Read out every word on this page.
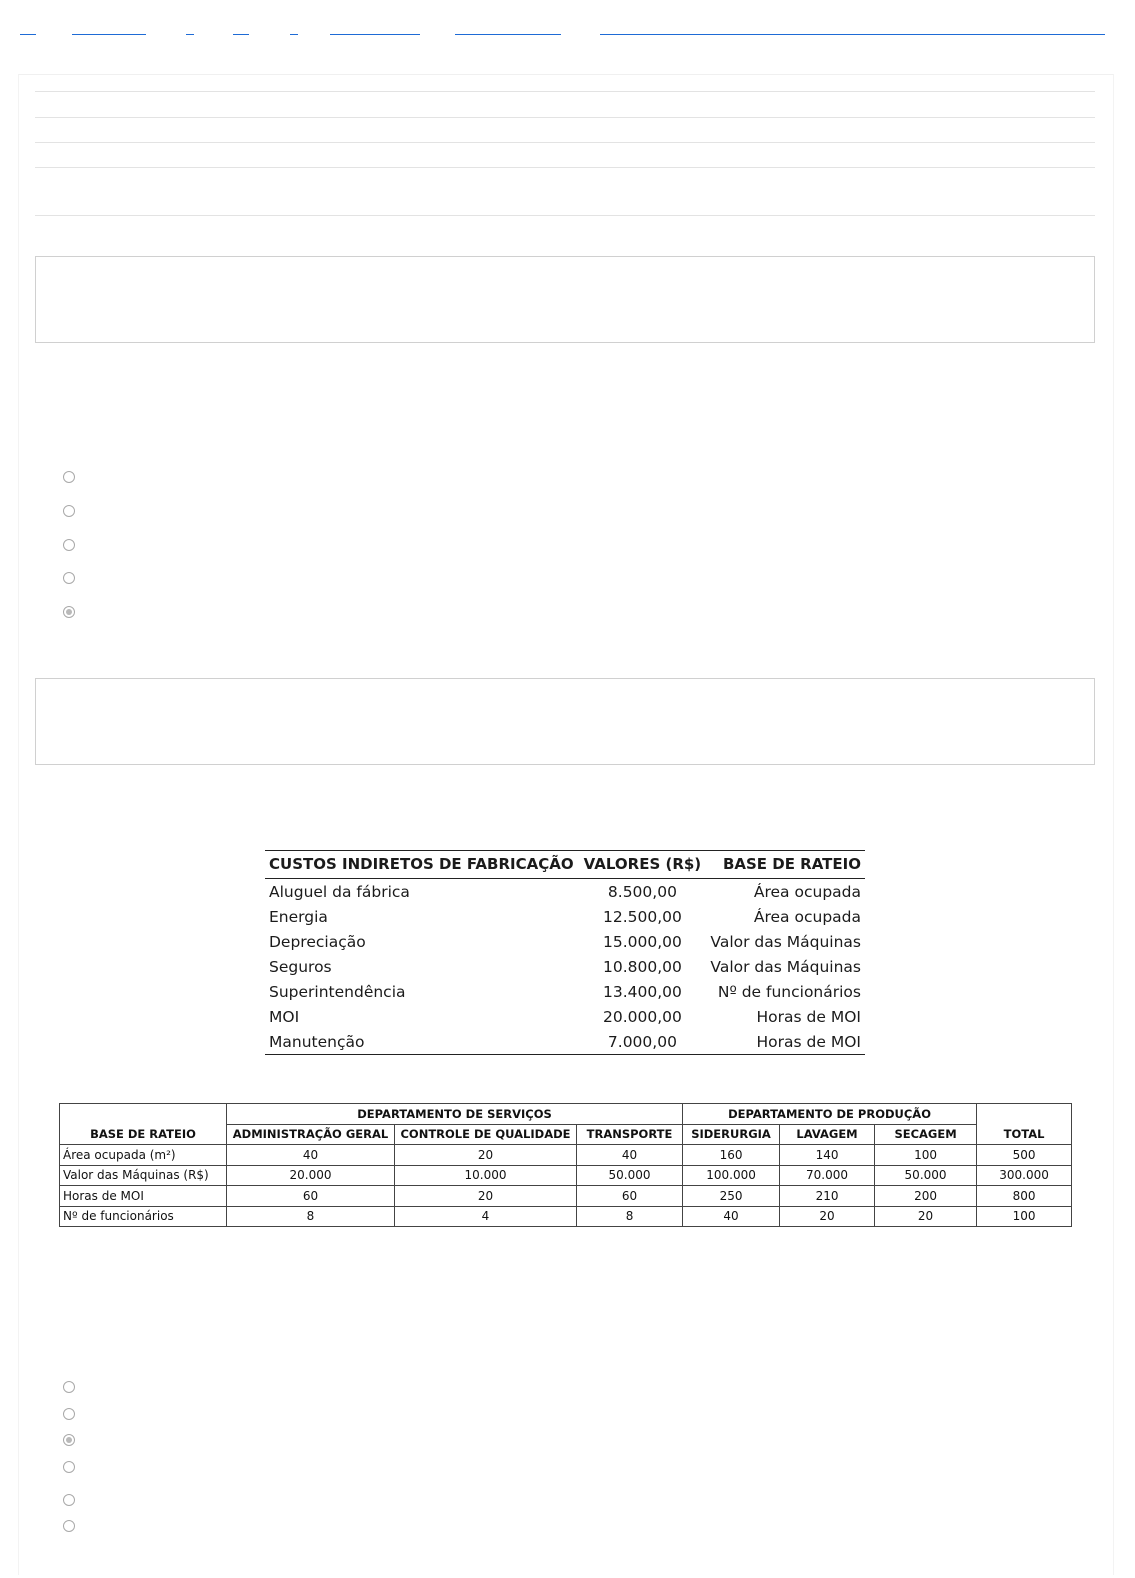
CUSTOS INDIRETOS DE FABRICAÇÃO	VALORES (R$)	BASE DE RATEIO
Aluguel da fábrica	8.500,00	Área ocupada
Energia	12.500,00	Área ocupada
Depreciação	15.000,00	Valor das Máquinas
Seguros	10.800,00	Valor das Máquinas
Superintendência	13.400,00	Nº de funcionários
MOI	20.000,00	Horas de MOI
Manutenção	7.000,00	Horas de MOI
	DEPARTAMENTO DE SERVIÇOS			DEPARTAMENTO DE PRODUÇÃO			
BASE DE RATEIO	ADMINISTRAÇÃO GERAL	CONTROLE DE QUALIDADE	TRANSPORTE	SIDERURGIA	LAVAGEM	SECAGEM	TOTAL
Área ocupada (m²)	40	20	40	160	140	100	500
Valor das Máquinas (R$)	20.000	10.000	50.000	100.000	70.000	50.000	300.000
Horas de MOI	60	20	60	250	210	200	800
Nº de funcionários	8	4	8	40	20	20	100
